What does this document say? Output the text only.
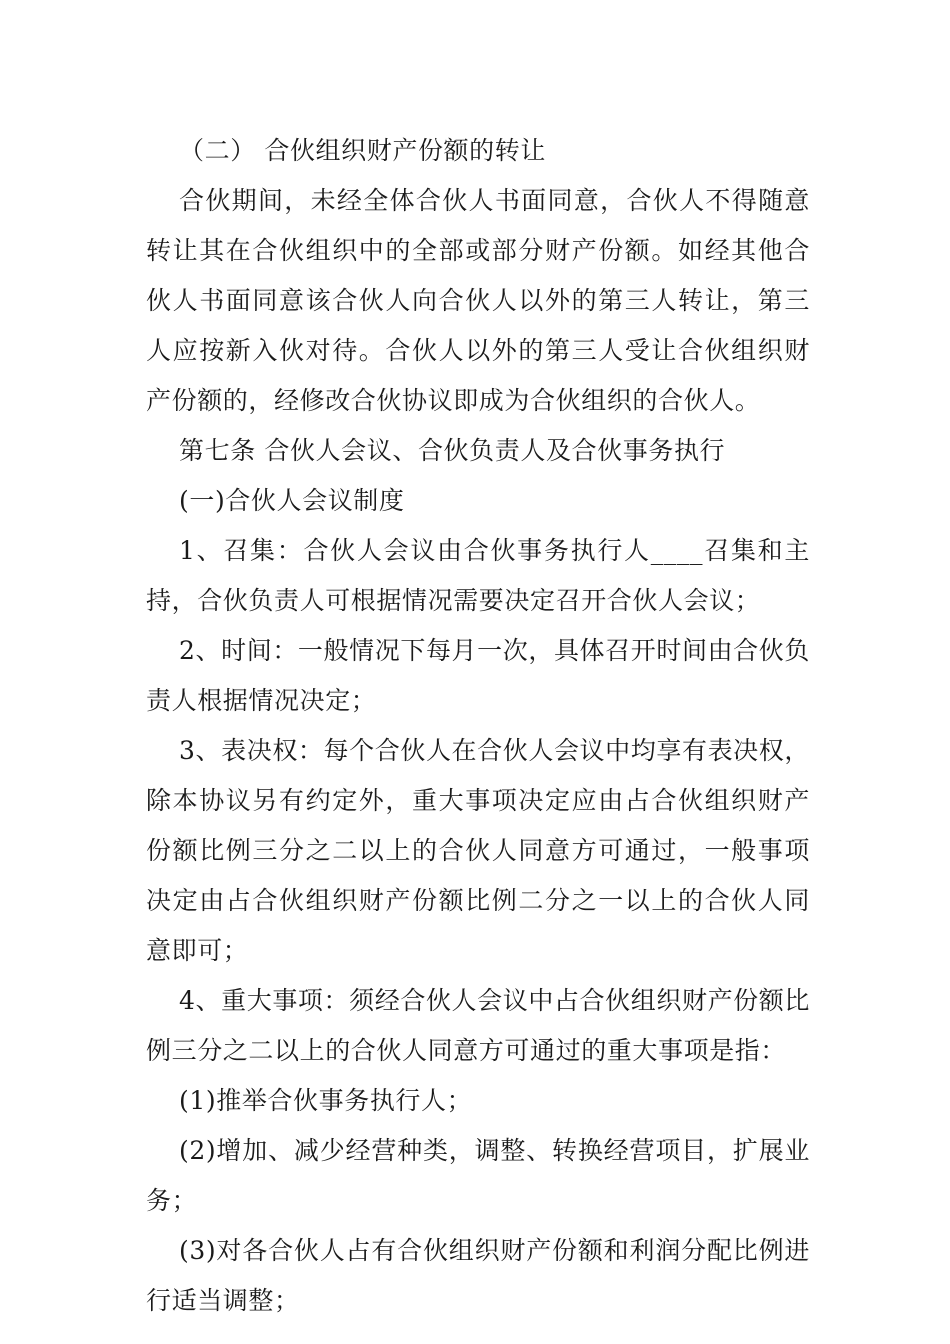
（二） 合伙组织财产份额的转让

合伙期间，未经全体合伙人书面同意，合伙人不得随意转让其在合伙组织中的全部或部分财产份额。如经其他合伙人书面同意该合伙人向合伙人以外的第三人转让，第三人应按新入伙对待。合伙人以外的第三人受让合伙组织财产份额的，经修改合伙协议即成为合伙组织的合伙人。

第七条 合伙人会议、合伙负责人及合伙事务执行

(一)合伙人会议制度

1、召集：合伙人会议由合伙事务执行人____召集和主持，合伙负责人可根据情况需要决定召开合伙人会议；

2、时间：一般情况下每月一次，具体召开时间由合伙负责人根据情况决定；

3、表决权：每个合伙人在合伙人会议中均享有表决权，除本协议另有约定外，重大事项决定应由占合伙组织财产份额比例三分之二以上的合伙人同意方可通过，一般事项决定由占合伙组织财产份额比例二分之一以上的合伙人同意即可；

4、重大事项：须经合伙人会议中占合伙组织财产份额比例三分之二以上的合伙人同意方可通过的重大事项是指：

(1)推举合伙事务执行人；

(2)增加、减少经营种类，调整、转换经营项目，扩展业务；

(3)对各合伙人占有合伙组织财产份额和利润分配比例进行适当调整；
